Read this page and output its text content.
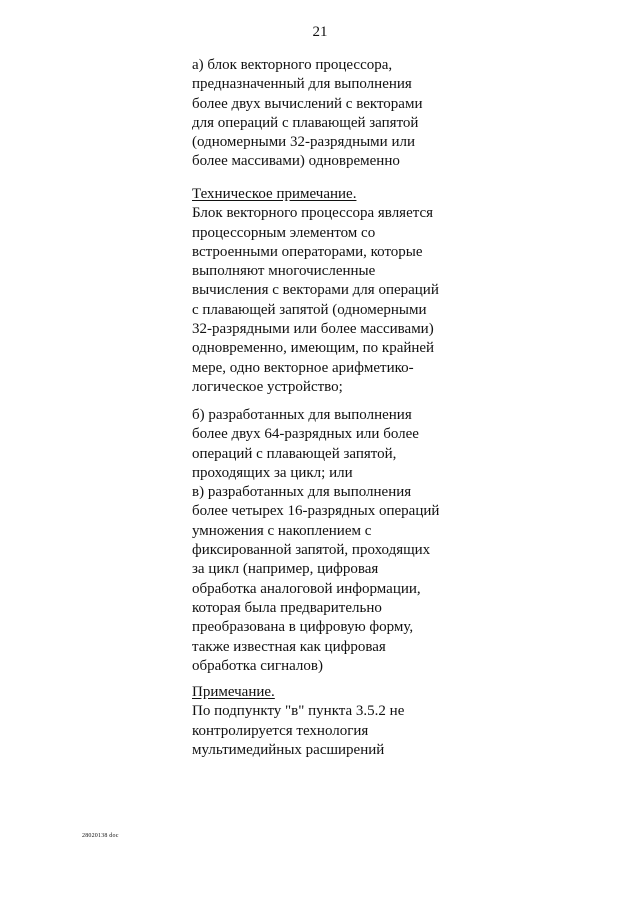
21
а) блок векторного процессора,
предназначенный для выполнения
более двух вычислений с векторами
для операций с плавающей запятой
(одномерными 32-разрядными или
более массивами) одновременно
Техническое примечание.
Блок векторного процессора является
процессорным элементом со
встроенными операторами, которые
выполняют многочисленные
вычисления с векторами для операций
с плавающей запятой (одномерными
32-разрядными или более массивами)
одновременно, имеющим, по крайней
мере, одно векторное арифметико-
логическое устройство;
б) разработанных для выполнения
более двух 64-разрядных или более
операций с плавающей запятой,
проходящих за цикл; или
в) разработанных для выполнения
более четырех 16-разрядных операций
умножения с накоплением с
фиксированной запятой, проходящих
за цикл (например, цифровая
обработка аналоговой информации,
которая была предварительно
преобразована в цифровую форму,
также известная как цифровая
обработка сигналов)
Примечание.
По подпункту "в" пункта 3.5.2 не
контролируется технология
мультимедийных расширений
28020138 doc
